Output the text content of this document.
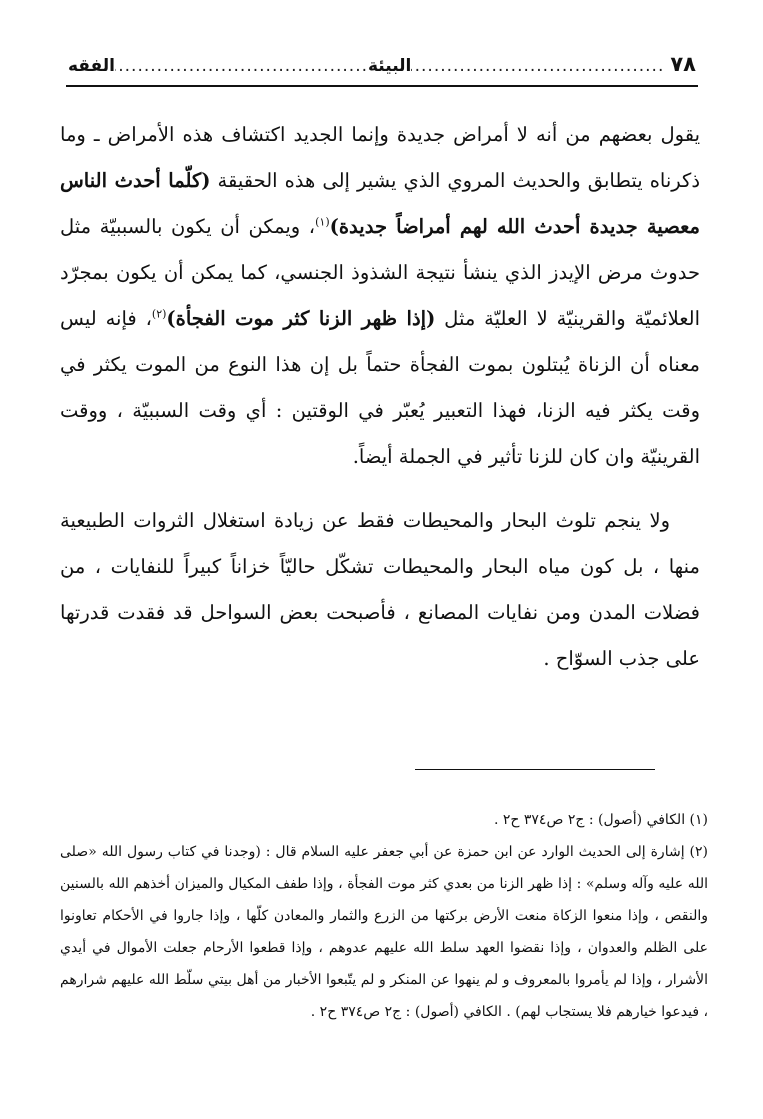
٧٨
.....
البيئة
.....
الفقه

يقول بعضهم من أنه لا أمراض جديدة وإنما الجديد اكتشاف هذه الأمراض ـ وما ذكرناه يتطابق والحديث المروي الذي يشير إلى هذه الحقيقة (كلّما أحدث الناس معصية جديدة أحدث الله لهم أمراضاً جديدة)$^{(١)}$، ويمكن أن يكون بالسببيّة مثل حدوث مرض الإيدز الذي ينشأ نتيجة الشذوذ الجنسي، كما يمكن أن يكون بمجرّد العلائميّة والقرينيّة لا العليّة مثل (إذا ظهر الزنا كثر موت الفجأة)$^{(٢)}$، فإنه ليس معناه أن الزناة يُبتلون بموت الفجأة حتماً بل إن هذا النوع من الموت يكثر في وقت يكثر فيه الزنا، فهذا التعبير يُعبّر في الوقتين : أي وقت السببيّة ، ووقت القرينيّة وان كان للزنا تأثير في الجملة أيضاً.

ولا ينجم تلوث البحار والمحيطات فقط عن زيادة استغلال الثروات الطبيعية منها ، بل كون مياه البحار والمحيطات تشكّل حاليّاً خزاناً كبيراً للنفايات ، من فضلات المدن ومن نفايات المصانع ، فأصبحت بعض السواحل قد فقدت قدرتها على جذب السوّاح .

(١) الكافي (أصول) : ج٢ ص٣٧٤ ح٢ .

(٢) إشارة إلى الحديث الوارد عن ابن حمزة عن أبي جعفر عليه السلام قال : (وجدنا في كتاب رسول الله «صلى الله عليه وآله وسلم» : إذا ظهر الزنا من بعدي كثر موت الفجأة ، وإذا طفف المكيال والميزان أخذهم الله بالسنين والنقص ، وإذا منعوا الزكاة منعت الأرض بركتها من الزرع والثمار والمعادن كلّها ، وإذا جاروا في الأحكام تعاونوا على الظلم والعدوان ، وإذا نقضوا العهد سلط الله عليهم عدوهم ، وإذا قطعوا الأرحام جعلت الأموال في أيدي الأشرار ، وإذا لم يأمروا بالمعروف و لم ينهوا عن المنكر و لم يتّبعوا الأخبار من أهل بيتي سلّط الله عليهم شرارهم ، فيدعوا خيارهم فلا يستجاب لهم) . الكافي (أصول) : ج٢ ص٣٧٤ ح٢ .
